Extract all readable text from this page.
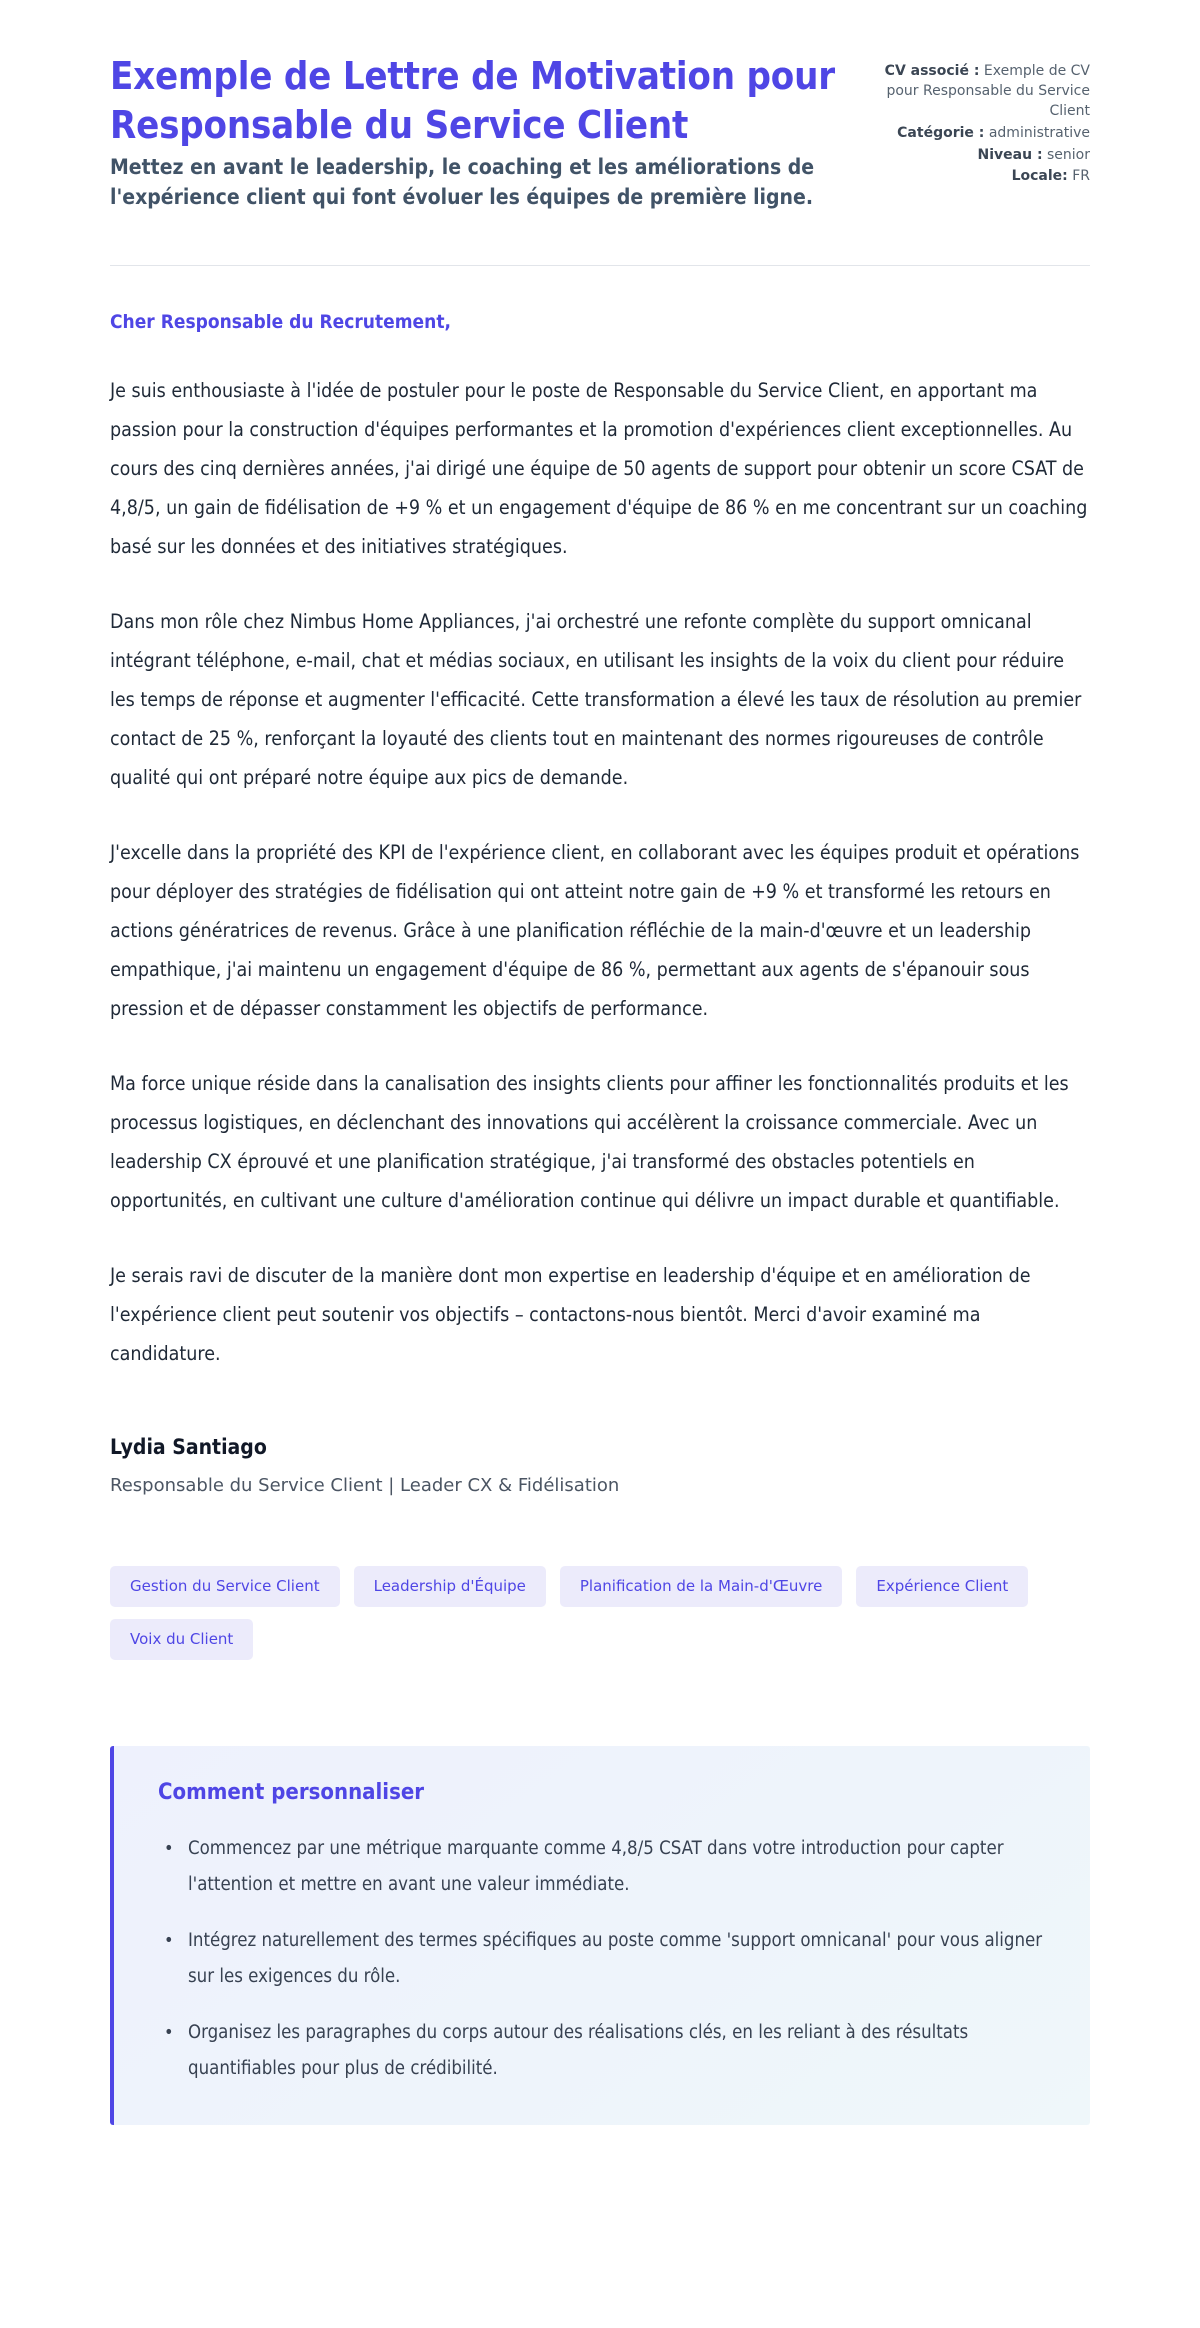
Exemple de Lettre de Motivation pour Responsable du Service Client

Mettez en avant le leadership, le coaching et les améliorations de l'expérience client qui font évoluer les équipes de première ligne.

CV associé : Exemple de CV pour Responsable du Service Client
Catégorie : administrative
Niveau : senior
Locale: FR

Cher Responsable du Recrutement,

Je suis enthousiaste à l'idée de postuler pour le poste de Responsable du Service Client, en apportant ma passion pour la construction d'équipes performantes et la promotion d'expériences client exceptionnelles. Au cours des cinq dernières années, j'ai dirigé une équipe de 50 agents de support pour obtenir un score CSAT de 4,8/5, un gain de fidélisation de +9 % et un engagement d'équipe de 86 % en me concentrant sur un coaching basé sur les données et des initiatives stratégiques.

Dans mon rôle chez Nimbus Home Appliances, j'ai orchestré une refonte complète du support omnicanal intégrant téléphone, e-mail, chat et médias sociaux, en utilisant les insights de la voix du client pour réduire les temps de réponse et augmenter l'efficacité. Cette transformation a élevé les taux de résolution au premier contact de 25 %, renforçant la loyauté des clients tout en maintenant des normes rigoureuses de contrôle qualité qui ont préparé notre équipe aux pics de demande.

J'excelle dans la propriété des KPI de l'expérience client, en collaborant avec les équipes produit et opérations pour déployer des stratégies de fidélisation qui ont atteint notre gain de +9 % et transformé les retours en actions génératrices de revenus. Grâce à une planification réfléchie de la main-d'œuvre et un leadership empathique, j'ai maintenu un engagement d'équipe de 86 %, permettant aux agents de s'épanouir sous pression et de dépasser constamment les objectifs de performance.

Ma force unique réside dans la canalisation des insights clients pour affiner les fonctionnalités produits et les processus logistiques, en déclenchant des innovations qui accélèrent la croissance commerciale. Avec un leadership CX éprouvé et une planification stratégique, j'ai transformé des obstacles potentiels en opportunités, en cultivant une culture d'amélioration continue qui délivre un impact durable et quantifiable.

Je serais ravi de discuter de la manière dont mon expertise en leadership d'équipe et en amélioration de l'expérience client peut soutenir vos objectifs – contactons-nous bientôt. Merci d'avoir examiné ma candidature.

Lydia Santiago
Responsable du Service Client | Leader CX & Fidélisation
Gestion du Service Client	Leadership d'Équipe	Planification de la Main-d'Œuvre	Expérience Client
Voix du Client
Comment personnaliser
• Commencez par une métrique marquante comme 4,8/5 CSAT dans votre introduction pour capter l'attention et mettre en avant une valeur immédiate.
• Intégrez naturellement des termes spécifiques au poste comme 'support omnicanal' pour vous aligner sur les exigences du rôle.
• Organisez les paragraphes du corps autour des réalisations clés, en les reliant à des résultats quantifiables pour plus de crédibilité.
